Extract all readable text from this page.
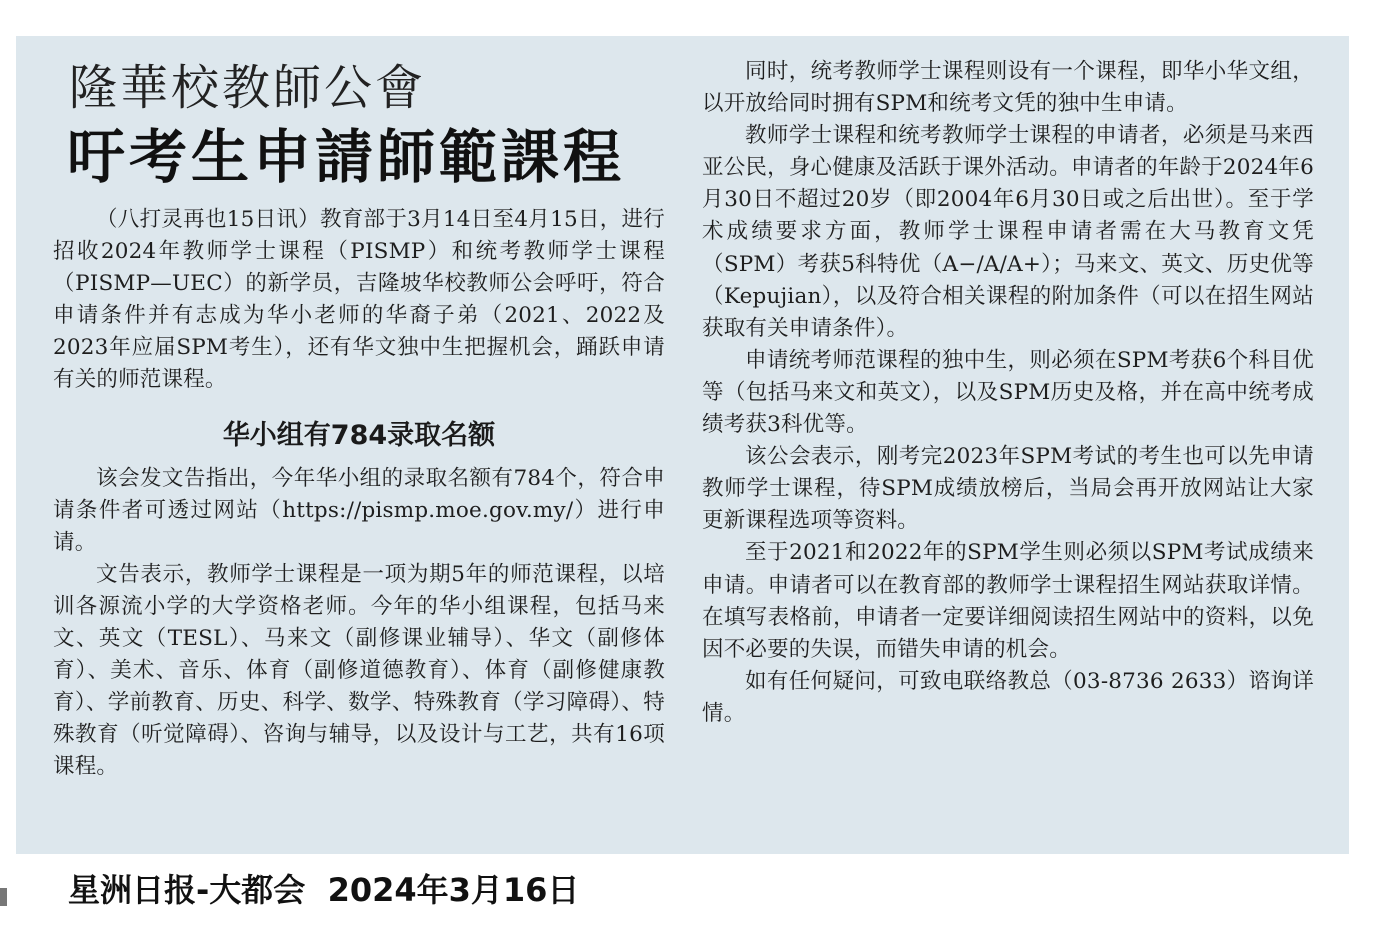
隆華校教師公會
吁考生申請師範課程

（八打灵再也15日讯）教育部于3月14日至4月15日，进行招收2024年教师学士课程（PISMP）和统考教师学士课程（PISMP—UEC）的新学员，吉隆坡华校教师公会呼吁，符合申请条件并有志成为华小老师的华裔子弟（2021、2022及2023年应届SPM考生），还有华文独中生把握机会，踊跃申请有关的师范课程。

华小组有784录取名额

该会发文告指出，今年华小组的录取名额有784个，符合申请条件者可透过网站（https://pismp.moe.gov.my/）进行申请。

文告表示，教师学士课程是一项为期5年的师范课程，以培训各源流小学的大学资格老师。今年的华小组课程，包括马来文、英文（TESL）、马来文（副修课业辅导）、华文（副修体育）、美术、音乐、体育（副修道德教育）、体育（副修健康教育）、学前教育、历史、科学、数学、特殊教育（学习障碍）、特殊教育（听觉障碍）、咨询与辅导，以及设计与工艺，共有16项课程。

同时，统考教师学士课程则设有一个课程，即华小华文组，以开放给同时拥有SPM和统考文凭的独中生申请。

教师学士课程和统考教师学士课程的申请者，必须是马来西亚公民，身心健康及活跃于课外活动。申请者的年龄于2024年6月30日不超过20岁（即2004年6月30日或之后出世）。至于学术成绩要求方面，教师学士课程申请者需在大马教育文凭（SPM）考获5科特优（A−/A/A+）；马来文、英文、历史优等（Kepujian），以及符合相关课程的附加条件（可以在招生网站获取有关申请条件）。

申请统考师范课程的独中生，则必须在SPM考获6个科目优等（包括马来文和英文），以及SPM历史及格，并在高中统考成绩考获3科优等。

该公会表示，刚考完2023年SPM考试的考生也可以先申请教师学士课程，待SPM成绩放榜后，当局会再开放网站让大家更新课程选项等资料。

至于2021和2022年的SPM学生则必须以SPM考试成绩来申请。申请者可以在教育部的教师学士课程招生网站获取详情。在填写表格前，申请者一定要详细阅读招生网站中的资料，以免因不必要的失误，而错失申请的机会。

如有任何疑问，可致电联络教总（03-8736 2633）谘询详情。

星洲日报-大都会  2024年3月16日
